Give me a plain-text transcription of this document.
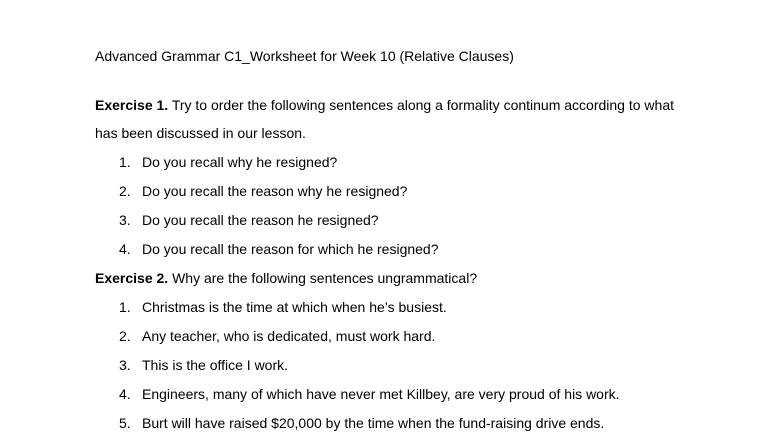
Advanced Grammar C1_Worksheet for Week 10 (Relative Clauses)
Exercise 1. Try to order the following sentences along a formality continum according to what
has been discussed in our lesson.
1. Do you recall why he resigned?
2. Do you recall the reason why he resigned?
3. Do you recall the reason he resigned?
4. Do you recall the reason for which he resigned?
Exercise 2. Why are the following sentences ungrammatical?
1. Christmas is the time at which when he’s busiest.
2. Any teacher, who is dedicated, must work hard.
3. This is the office I work.
4. Engineers, many of which have never met Killbey, are very proud of his work.
5. Burt will have raised $20,000 by the time when the fund-raising drive ends.
